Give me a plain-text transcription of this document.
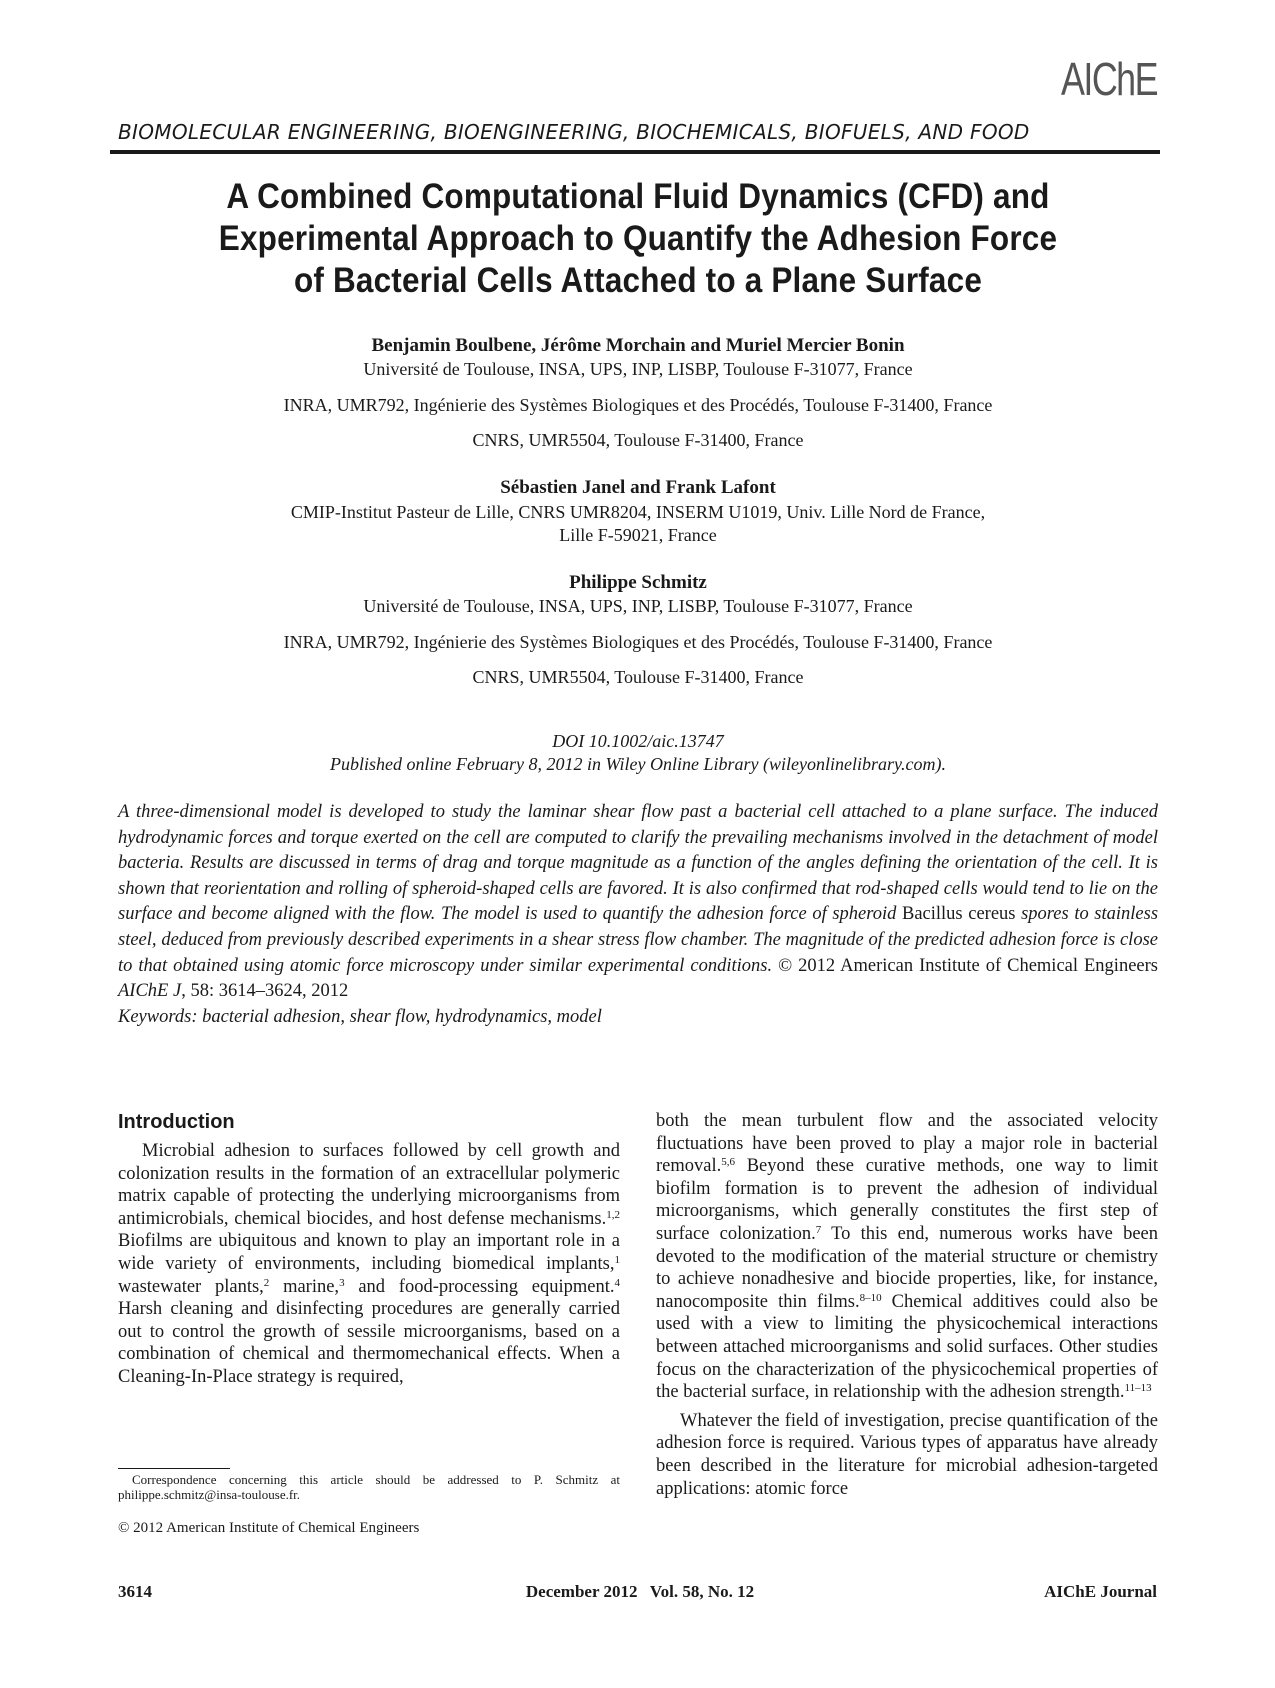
AIChE
BIOMOLECULAR ENGINEERING, BIOENGINEERING, BIOCHEMICALS, BIOFUELS, AND FOOD
A Combined Computational Fluid Dynamics (CFD) and
Experimental Approach to Quantify the Adhesion Force
of Bacterial Cells Attached to a Plane Surface
Benjamin Boulbene, Jérôme Morchain and Muriel Mercier Bonin
Université de Toulouse, INSA, UPS, INP, LISBP, Toulouse F-31077, France
INRA, UMR792, Ingénierie des Systèmes Biologiques et des Procédés, Toulouse F-31400, France
CNRS, UMR5504, Toulouse F-31400, France
Sébastien Janel and Frank Lafont
CMIP-Institut Pasteur de Lille, CNRS UMR8204, INSERM U1019, Univ. Lille Nord de France,
Lille F-59021, France
Philippe Schmitz
Université de Toulouse, INSA, UPS, INP, LISBP, Toulouse F-31077, France
INRA, UMR792, Ingénierie des Systèmes Biologiques et des Procédés, Toulouse F-31400, France
CNRS, UMR5504, Toulouse F-31400, France
DOI 10.1002/aic.13747
Published online February 8, 2012 in Wiley Online Library (wileyonlinelibrary.com).
A three-dimensional model is developed to study the laminar shear flow past a bacterial cell attached to a plane surface. The induced hydrodynamic forces and torque exerted on the cell are computed to clarify the prevailing mechanisms involved in the detachment of model bacteria. Results are discussed in terms of drag and torque magnitude as a function of the angles defining the orientation of the cell. It is shown that reorientation and rolling of spheroid-shaped cells are favored. It is also confirmed that rod-shaped cells would tend to lie on the surface and become aligned with the flow. The model is used to quantify the adhesion force of spheroid Bacillus cereus spores to stainless steel, deduced from previously described experiments in a shear stress flow chamber. The magnitude of the predicted adhesion force is close to that obtained using atomic force microscopy under similar experimental conditions. © 2012 American Institute of Chemical Engineers AIChE J, 58: 3614–3624, 2012
Keywords: bacterial adhesion, shear flow, hydrodynamics, model
Introduction

Microbial adhesion to surfaces followed by cell growth and colonization results in the formation of an extracellular polymeric matrix capable of protecting the underlying microorganisms from antimicrobials, chemical biocides, and host defense mechanisms.$^{1,2}$ Biofilms are ubiquitous and known to play an important role in a wide variety of environments, including biomedical implants,$^1$ wastewater plants,$^2$ marine,$^3$ and food-processing equipment.$^4$ Harsh cleaning and disinfecting procedures are generally carried out to control the growth of sessile microorganisms, based on a combination of chemical and thermomechanical effects. When a Cleaning-In-Place strategy is required,

both the mean turbulent flow and the associated velocity fluctuations have been proved to play a major role in bacterial removal.$^{5,6}$ Beyond these curative methods, one way to limit biofilm formation is to prevent the adhesion of individual microorganisms, which generally constitutes the first step of surface colonization.$^7$ To this end, numerous works have been devoted to the modification of the material structure or chemistry to achieve nonadhesive and biocide properties, like, for instance, nanocomposite thin films.$^{8-10}$ Chemical additives could also be used with a view to limiting the physicochemical interactions between attached microorganisms and solid surfaces. Other studies focus on the characterization of the physicochemical properties of the bacterial surface, in relationship with the adhesion strength.$^{11-13}$

Whatever the field of investigation, precise quantification of the adhesion force is required. Various types of apparatus have already been described in the literature for microbial adhesion-targeted applications: atomic force

Correspondence concerning this article should be addressed to P. Schmitz at philippe.schmitz@insa-toulouse.fr.
© 2012 American Institute of Chemical Engineers
3614	December 2012   Vol. 58, No. 12	AIChE Journal
